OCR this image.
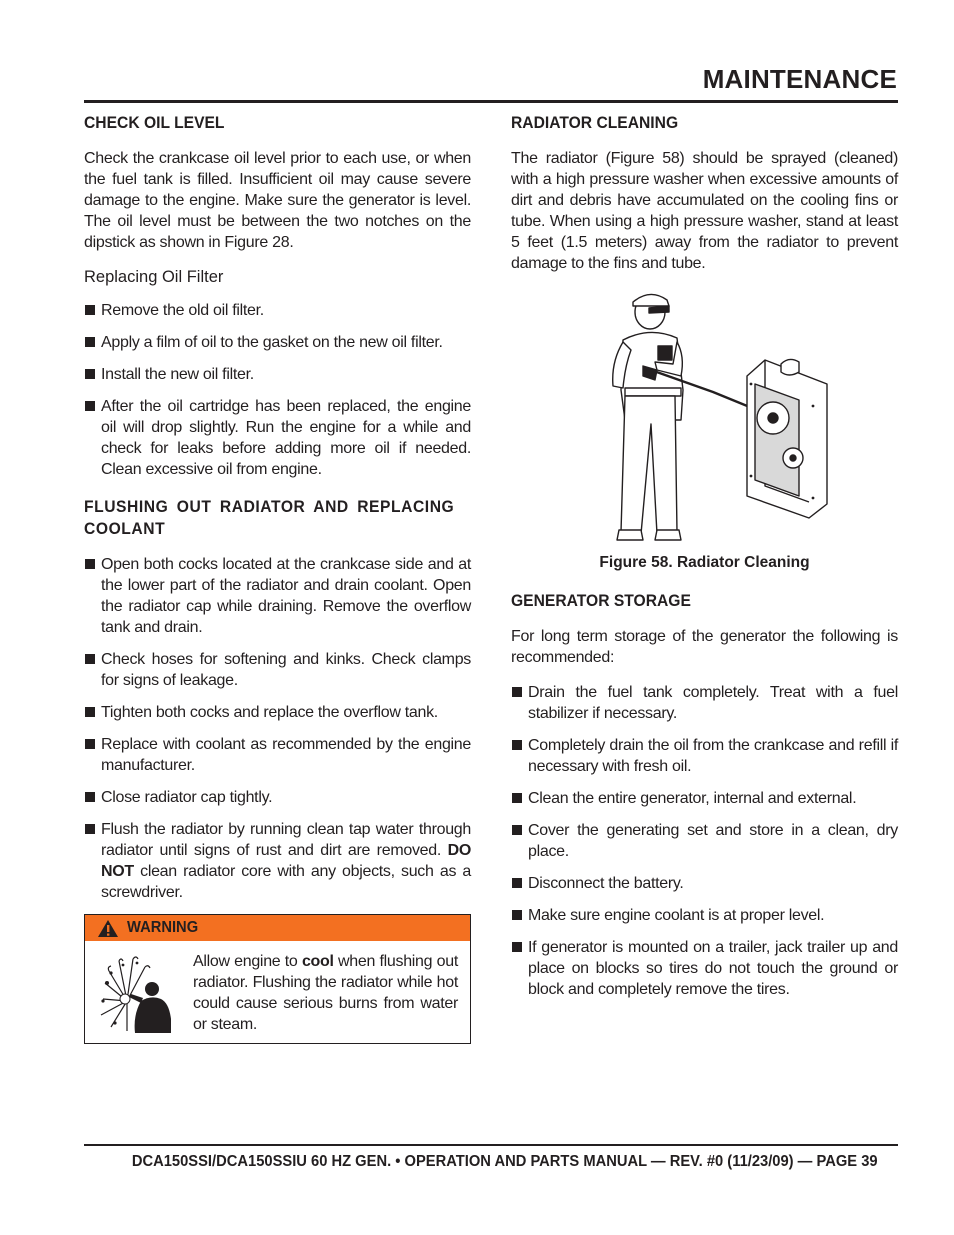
MAINTENANCE
CHECK OIL LEVEL
Check the crankcase oil level prior to each use, or when the fuel tank is filled. Insufficient oil may cause severe damage to the engine. Make sure the generator is level. The oil level must be between the two notches on the dipstick as shown in Figure 28.
Replacing Oil Filter
Remove the old oil filter.
Apply a film of oil to the gasket on the new oil filter.
Install the new oil filter.
After the oil cartridge has been replaced, the engine oil will drop slightly. Run the engine for a while and check for leaks before adding more oil if needed. Clean excessive oil from engine.
FLUSHING OUT RADIATOR AND REPLACING COOLANT
Open both cocks located at the crankcase side and at the lower part of the radiator and drain coolant. Open the radiator cap while draining. Remove the overflow tank and drain.
Check hoses for softening and kinks. Check clamps for signs of leakage.
Tighten both cocks and replace the overflow tank.
Replace with coolant as recommended by the engine manufacturer.
Close radiator cap tightly.
Flush the radiator by running clean tap water through radiator until signs of rust and dirt are removed. DO NOT clean radiator core with any objects, such as a screwdriver.
WARNING
Allow engine to cool when flushing out radiator. Flushing the radiator while hot could cause serious burns from water or steam.
RADIATOR CLEANING
The radiator (Figure 58) should be sprayed (cleaned) with a high pressure washer when excessive amounts of dirt and debris have accumulated on the cooling fins or tube. When using a high pressure washer, stand at least 5 feet (1.5 meters) away from the radiator to prevent damage to the fins and tube.
Figure 58. Radiator Cleaning
GENERATOR STORAGE
For long term storage of the generator the following is recommended:
Drain the fuel tank completely. Treat with a fuel stabilizer if necessary.
Completely drain the oil from the crankcase and refill if necessary with fresh oil.
Clean the entire generator, internal and external.
Cover the generating set and store in a clean, dry place.
Disconnect the battery.
Make sure engine coolant is at proper level.
If generator is mounted on a trailer, jack trailer up and place on blocks so tires do not touch the ground or block and completely remove the tires.
DCA150SSI/DCA150SSIU 60 HZ GEN. • OPERATION AND PARTS MANUAL — REV. #0 (11/23/09) — PAGE 39
